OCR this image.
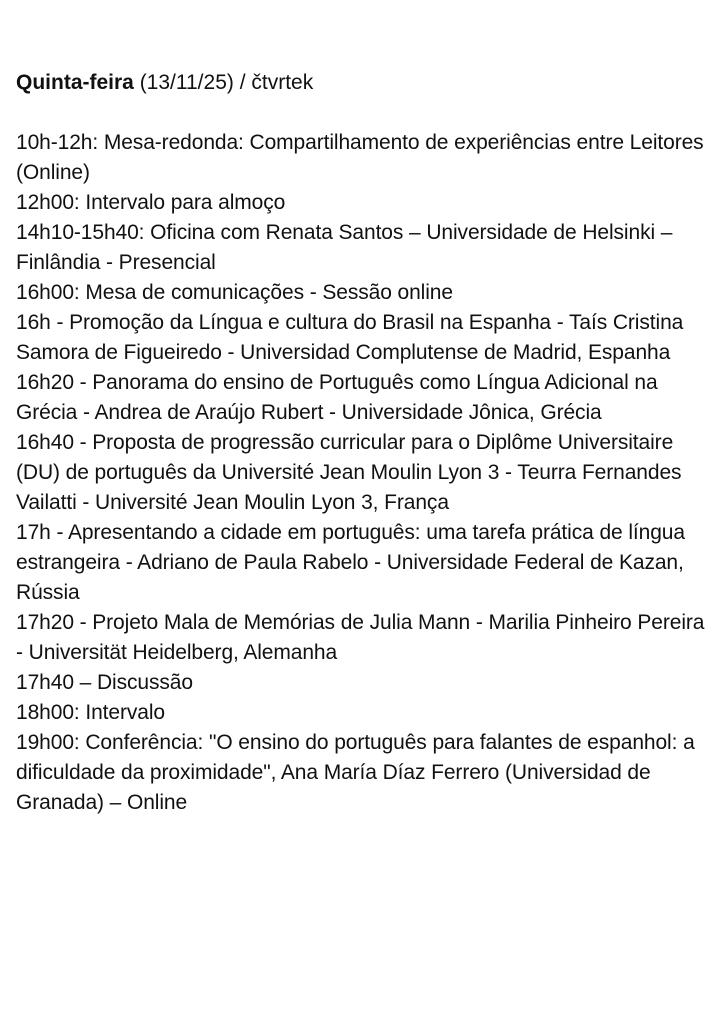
Quinta-feira (13/11/25) / čtvrtek

10h-12h: Mesa-redonda: Compartilhamento de experiências entre Leitores (Online)
12h00: Intervalo para almoço
14h10-15h40: Oficina com Renata Santos – Universidade de Helsinki – Finlândia - Presencial
16h00: Mesa de comunicações - Sessão online
16h - Promoção da Língua e cultura do Brasil na Espanha - Taís Cristina Samora de Figueiredo - Universidad Complutense de Madrid, Espanha
16h20 - Panorama do ensino de Português como Língua Adicional na Grécia - Andrea de Araújo Rubert - Universidade Jônica, Grécia
16h40 - Proposta de progressão curricular para o Diplôme Universitaire (DU) de português da Université Jean Moulin Lyon 3 - Teurra Fernandes Vailatti - Université Jean Moulin Lyon 3, França
17h - Apresentando a cidade em português: uma tarefa prática de língua estrangeira - Adriano de Paula Rabelo - Universidade Federal de Kazan, Rússia
17h20 - Projeto Mala de Memórias de Julia Mann - Marilia Pinheiro Pereira - Universität Heidelberg, Alemanha
17h40 – Discussão
18h00: Intervalo
19h00: Conferência: "O ensino do português para falantes de espanhol: a dificuldade da proximidade", Ana María Díaz Ferrero (Universidad de Granada) – Online
